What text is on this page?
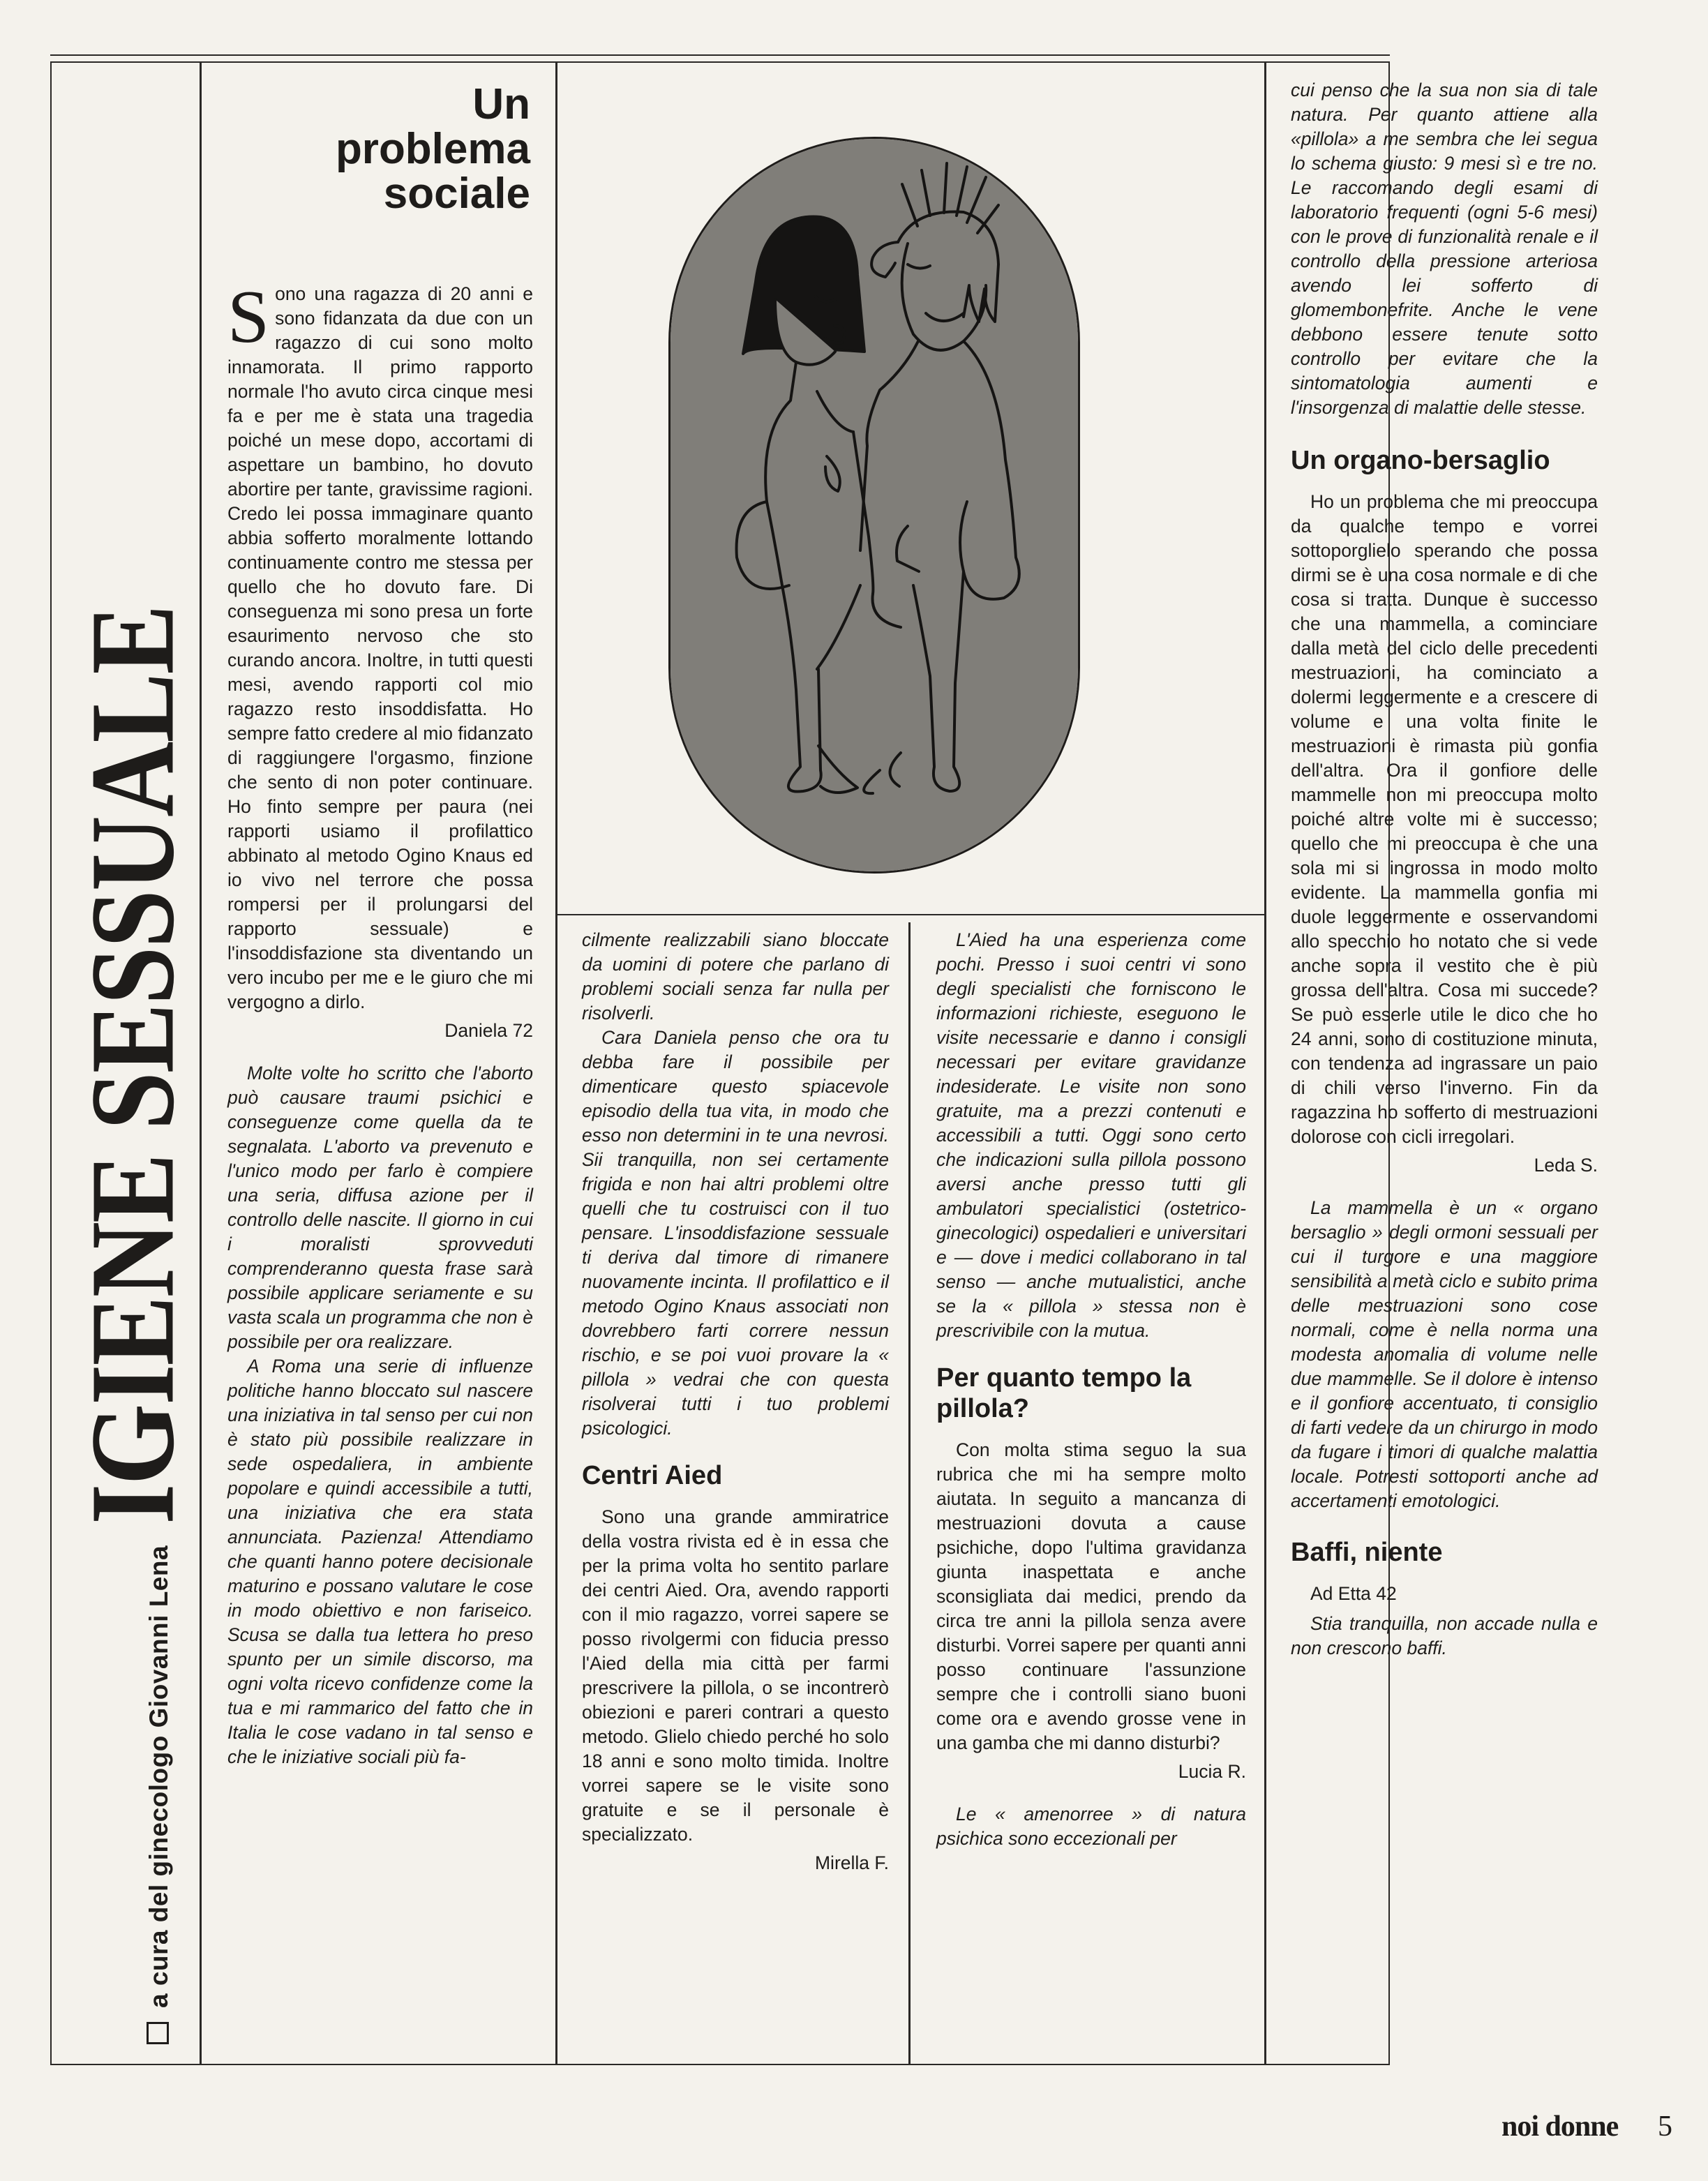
a cura del ginecologo Giovanni Lena
IGIENE SESSUALE
Un
problema
sociale

Sono una ragazza di 20 anni e sono fidanzata da due con un ragazzo di cui sono molto innamorata. Il primo rapporto normale l'ho avuto circa cinque mesi fa e per me è stata una tragedia poiché un mese dopo, accortami di aspettare un bambino, ho dovuto abortire per tante, gravissime ragioni. Credo lei possa immaginare quanto abbia sofferto moralmente lottando continuamente contro me stessa per quello che ho dovuto fare. Di conseguenza mi sono presa un forte esaurimento nervoso che sto curando ancora. Inoltre, in tutti questi mesi, avendo rapporti col mio ragazzo resto insoddisfatta. Ho sempre fatto credere al mio fidanzato di raggiungere l'orgasmo, finzione che sento di non poter continuare. Ho finto sempre per paura (nei rapporti usiamo il profilattico abbinato al metodo Ogino Knaus ed io vivo nel terrore che possa rompersi per il prolungarsi del rapporto sessuale) e l'insoddisfazione sta diventando un vero incubo per me e le giuro che mi vergogno a dirlo.

Daniela 72

Molte volte ho scritto che l'aborto può causare traumi psichici e conseguenze come quella da te segnalata. L'aborto va prevenuto e l'unico modo per farlo è compiere una seria, diffusa azione per il controllo delle nascite. Il giorno in cui i moralisti sprovveduti comprenderanno questa frase sarà possibile applicare seriamente e su vasta scala un programma che non è possibile per ora realizzare.

A Roma una serie di influenze politiche hanno bloccato sul nascere una iniziativa in tal senso per cui non è stato più possibile realizzare in sede ospedaliera, in ambiente popolare e quindi accessibile a tutti, una iniziativa che era stata annunciata. Pazienza! Attendiamo che quanti hanno potere decisionale maturino e possano valutare le cose in modo obiettivo e non fariseico. Scusa se dalla tua lettera ho preso spunto per un simile discorso, ma ogni volta ricevo confidenze come la tua e mi rammarico del fatto che in Italia le cose vadano in tal senso e che le iniziative sociali più fa-

cilmente realizzabili siano bloccate da uomini di potere che parlano di problemi sociali senza far nulla per risolverli.

Cara Daniela penso che ora tu debba fare il possibile per dimenticare questo spiacevole episodio della tua vita, in modo che esso non determini in te una nevrosi. Sii tranquilla, non sei certamente frigida e non hai altri problemi oltre quelli che tu costruisci con il tuo pensare. L'insoddisfazione sessuale ti deriva dal timore di rimanere nuovamente incinta. Il profilattico e il metodo Ogino Knaus associati non dovrebbero farti correre nessun rischio, e se poi vuoi provare la « pillola » vedrai che con questa risolverai tutti i tuo problemi psicologici.

Centri Aied

Sono una grande ammiratrice della vostra rivista ed è in essa che per la prima volta ho sentito parlare dei centri Aied. Ora, avendo rapporti con il mio ragazzo, vorrei sapere se posso rivolgermi con fiducia presso l'Aied della mia città per farmi prescrivere la pillola, o se incontrerò obiezioni e pareri contrari a questo metodo. Glielo chiedo perché ho solo 18 anni e sono molto timida. Inoltre vorrei sapere se le visite sono gratuite e se il personale è specializzato.

Mirella F.

L'Aied ha una esperienza come pochi. Presso i suoi centri vi sono degli specialisti che forniscono le informazioni richieste, eseguono le visite necessarie e danno i consigli necessari per evitare gravidanze indesiderate. Le visite non sono gratuite, ma a prezzi contenuti e accessibili a tutti. Oggi sono certo che indicazioni sulla pillola possono aversi anche presso tutti gli ambulatori specialistici (ostetrico-ginecologici) ospedalieri e universitari e — dove i medici collaborano in tal senso — anche mutualistici, anche se la « pillola » stessa non è prescrivibile con la mutua.

Per quanto tempo la pillola?

Con molta stima seguo la sua rubrica che mi ha sempre molto aiutata. In seguito a mancanza di mestruazioni dovuta a cause psichiche, dopo l'ultima gravidanza giunta inaspettata e anche sconsigliata dai medici, prendo da circa tre anni la pillola senza avere disturbi. Vorrei sapere per quanti anni posso continuare l'assunzione sempre che i controlli siano buoni come ora e avendo grosse vene in una gamba che mi danno disturbi?

Lucia R.

Le « amenorree » di natura psichica sono eccezionali per

cui penso che la sua non sia di tale natura. Per quanto attiene alla «pillola» a me sembra che lei segua lo schema giusto: 9 mesi sì e tre no. Le raccomando degli esami di laboratorio frequenti (ogni 5-6 mesi) con le prove di funzionalità renale e il controllo della pressione arteriosa avendo lei sofferto di glomembonefrite. Anche le vene debbono essere tenute sotto controllo per evitare che la sintomatologia aumenti e l'insorgenza di malattie delle stesse.

Un organo-bersaglio

Ho un problema che mi preoccupa da qualche tempo e vorrei sottoporglielo sperando che possa dirmi se è una cosa normale e di che cosa si tratta. Dunque è successo che una mammella, a cominciare dalla metà del ciclo delle precedenti mestruazioni, ha cominciato a dolermi leggermente e a crescere di volume e una volta finite le mestruazioni è rimasta più gonfia dell'altra. Ora il gonfiore delle mammelle non mi preoccupa molto poiché altre volte mi è successo; quello che mi preoccupa è che una sola mi si ingrossa in modo molto evidente. La mammella gonfia mi duole leggermente e osservandomi allo specchio ho notato che si vede anche sopra il vestito che è più grossa dell'altra. Cosa mi succede? Se può esserle utile le dico che ho 24 anni, sono di costituzione minuta, con tendenza ad ingrassare un paio di chili verso l'inverno. Fin da ragazzina ho sofferto di mestruazioni dolorose con cicli irregolari.

Leda S.

La mammella è un « organo bersaglio » degli ormoni sessuali per cui il turgore e una maggiore sensibilità a metà ciclo e subito prima delle mestruazioni sono cose normali, come è nella norma una modesta anomalia di volume nelle due mammelle. Se il dolore è intenso e il gonfiore accentuato, ti consiglio di farti vedere da un chirurgo in modo da fugare i timori di qualche malattia locale. Potresti sottoporti anche ad accertamenti emotologici.

Baffi, niente

Ad Etta 42

Stia tranquilla, non accade nulla e non crescono baffi.

noi donne 5
